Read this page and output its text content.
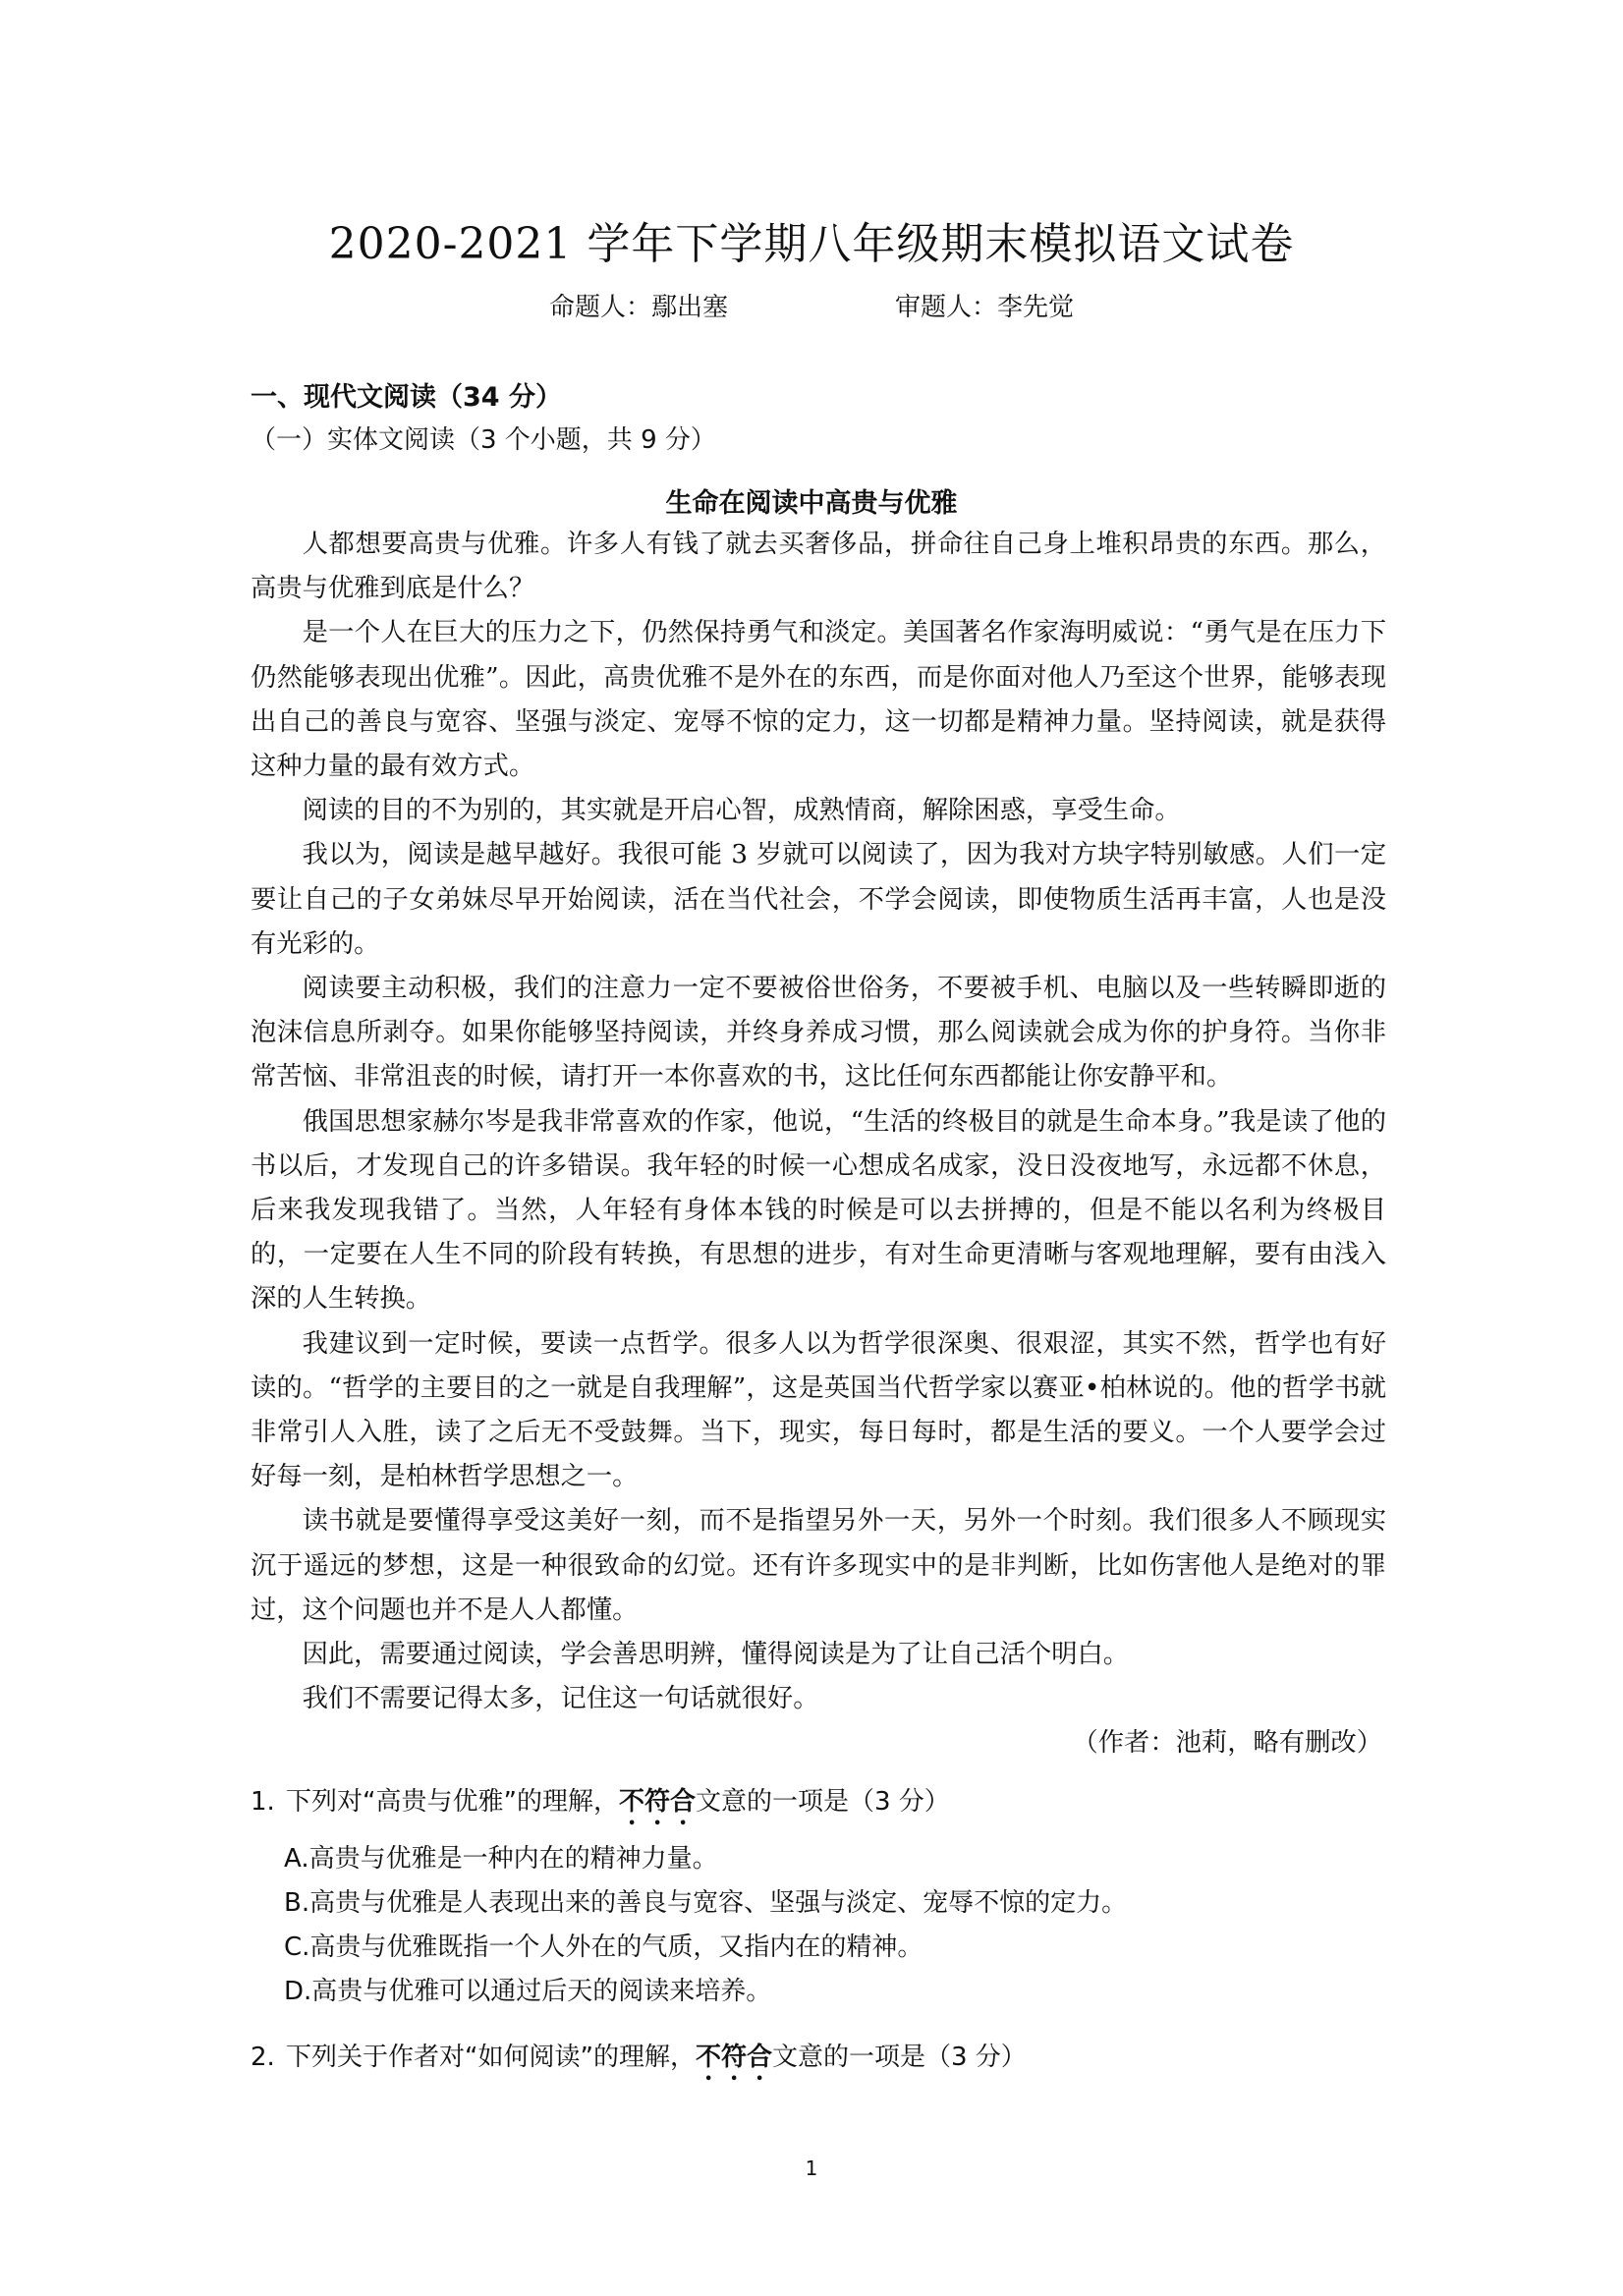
2020-2021 学年下学期八年级期末模拟语文试卷
命题人：鄢出塞	审题人：李先觉
一、现代文阅读（34 分）
（一）实体文阅读（3 个小题，共 9 分）
生命在阅读中高贵与优雅

人都想要高贵与优雅。许多人有钱了就去买奢侈品，拼命往自己身上堆积昂贵的东西。那么，高贵与优雅到底是什么？

是一个人在巨大的压力之下，仍然保持勇气和淡定。美国著名作家海明威说：“勇气是在压力下仍然能够表现出优雅”。因此，高贵优雅不是外在的东西，而是你面对他人乃至这个世界，能够表现出自己的善良与宽容、坚强与淡定、宠辱不惊的定力，这一切都是精神力量。坚持阅读，就是获得这种力量的最有效方式。

阅读的目的不为别的，其实就是开启心智，成熟情商，解除困惑，享受生命。

我以为，阅读是越早越好。我很可能 3 岁就可以阅读了，因为我对方块字特别敏感。人们一定要让自己的子女弟妹尽早开始阅读，活在当代社会，不学会阅读，即使物质生活再丰富，人也是没有光彩的。

阅读要主动积极，我们的注意力一定不要被俗世俗务，不要被手机、电脑以及一些转瞬即逝的泡沫信息所剥夺。如果你能够坚持阅读，并终身养成习惯，那么阅读就会成为你的护身符。当你非常苦恼、非常沮丧的时候，请打开一本你喜欢的书，这比任何东西都能让你安静平和。

俄国思想家赫尔岑是我非常喜欢的作家，他说，“生活的终极目的就是生命本身。”我是读了他的书以后，才发现自己的许多错误。我年轻的时候一心想成名成家，没日没夜地写，永远都不休息，后来我发现我错了。当然，人年轻有身体本钱的时候是可以去拼搏的，但是不能以名利为终极目的，一定要在人生不同的阶段有转换，有思想的进步，有对生命更清晰与客观地理解，要有由浅入深的人生转换。

我建议到一定时候，要读一点哲学。很多人以为哲学很深奥、很艰涩，其实不然，哲学也有好读的。“哲学的主要目的之一就是自我理解”，这是英国当代哲学家以赛亚•柏林说的。他的哲学书就非常引人入胜，读了之后无不受鼓舞。当下，现实，每日每时，都是生活的要义。一个人要学会过好每一刻，是柏林哲学思想之一。

读书就是要懂得享受这美好一刻，而不是指望另外一天，另外一个时刻。我们很多人不顾现实沉于遥远的梦想，这是一种很致命的幻觉。还有许多现实中的是非判断，比如伤害他人是绝对的罪过，这个问题也并不是人人都懂。

因此，需要通过阅读，学会善思明辨，懂得阅读是为了让自己活个明白。

我们不需要记得太多，记住这一句话就很好。

（作者：池莉，略有删改）

1. 下列对“高贵与优雅”的理解，不符合文意的一项是（3 分）
A.高贵与优雅是一种内在的精神力量。
B.高贵与优雅是人表现出来的善良与宽容、坚强与淡定、宠辱不惊的定力。
C.高贵与优雅既指一个人外在的气质，又指内在的精神。
D.高贵与优雅可以通过后天的阅读来培养。
2. 下列关于作者对“如何阅读”的理解，不符合文意的一项是（3 分）
1
